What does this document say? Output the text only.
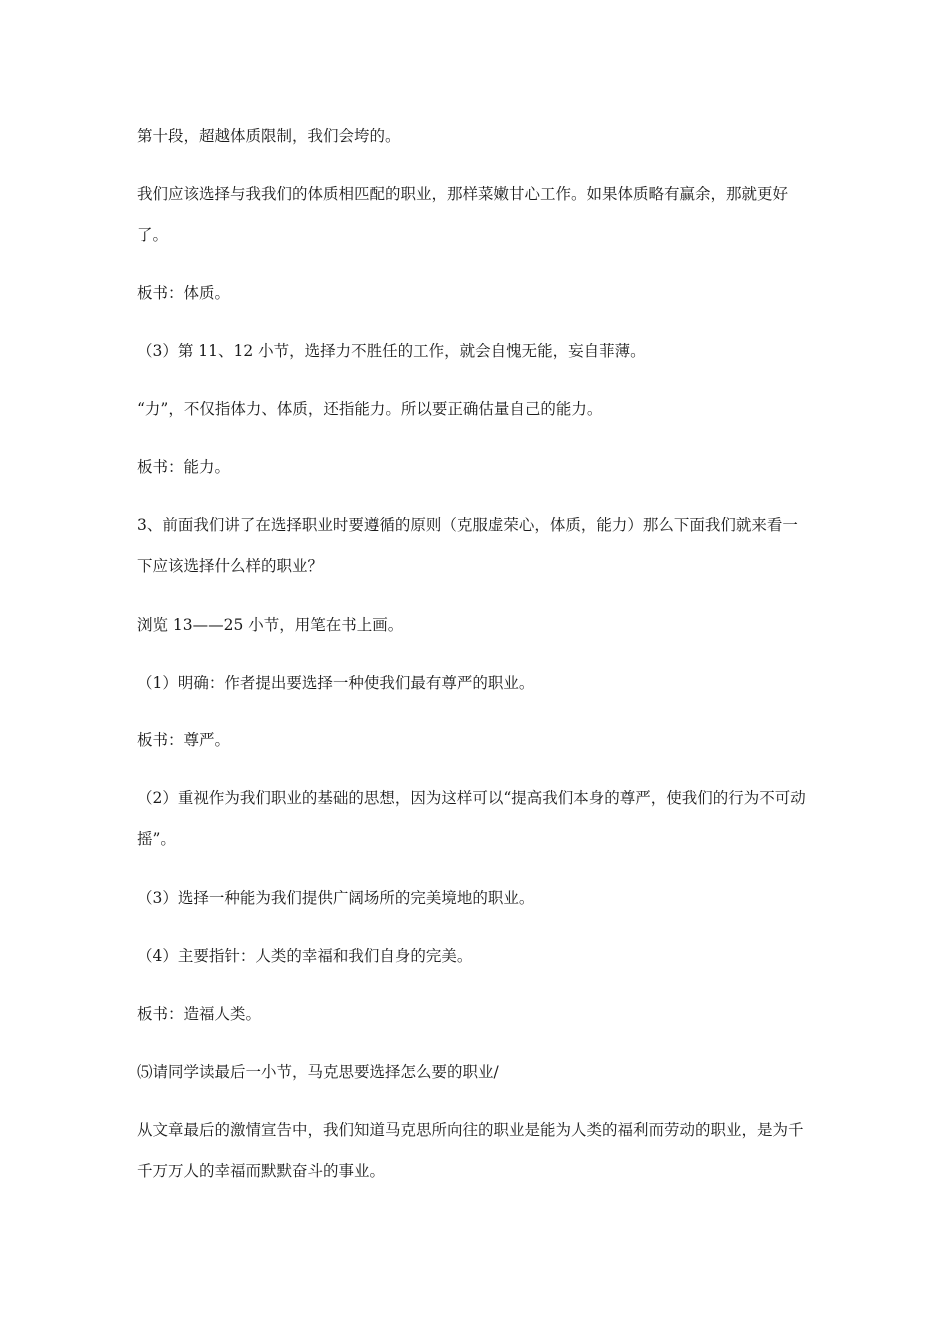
第十段，超越体质限制，我们会垮的。

我们应该选择与我我们的体质相匹配的职业，那样菜嫩甘心工作。如果体质略有赢余，那就更好了。

板书：体质。

（3）第 11、12 小节，选择力不胜任的工作，就会自愧无能，妄自菲薄。

“力”，不仅指体力、体质，还指能力。所以要正确估量自己的能力。

板书：能力。

3、前面我们讲了在选择职业时要遵循的原则（克服虚荣心，体质，能力）那么下面我们就来看一下应该选择什么样的职业？

浏览 13——25 小节，用笔在书上画。

（1）明确：作者提出要选择一种使我们最有尊严的职业。

板书：尊严。

（2）重视作为我们职业的基础的思想，因为这样可以“提高我们本身的尊严，使我们的行为不可动摇”。

（3）选择一种能为我们提供广阔场所的完美境地的职业。

（4）主要指针：人类的幸福和我们自身的完美。

板书：造福人类。

⑸请同学读最后一小节，马克思要选择怎么要的职业/

从文章最后的激情宣告中，我们知道马克思所向往的职业是能为人类的福利而劳动的职业，是为千千万万人的幸福而默默奋斗的事业。
